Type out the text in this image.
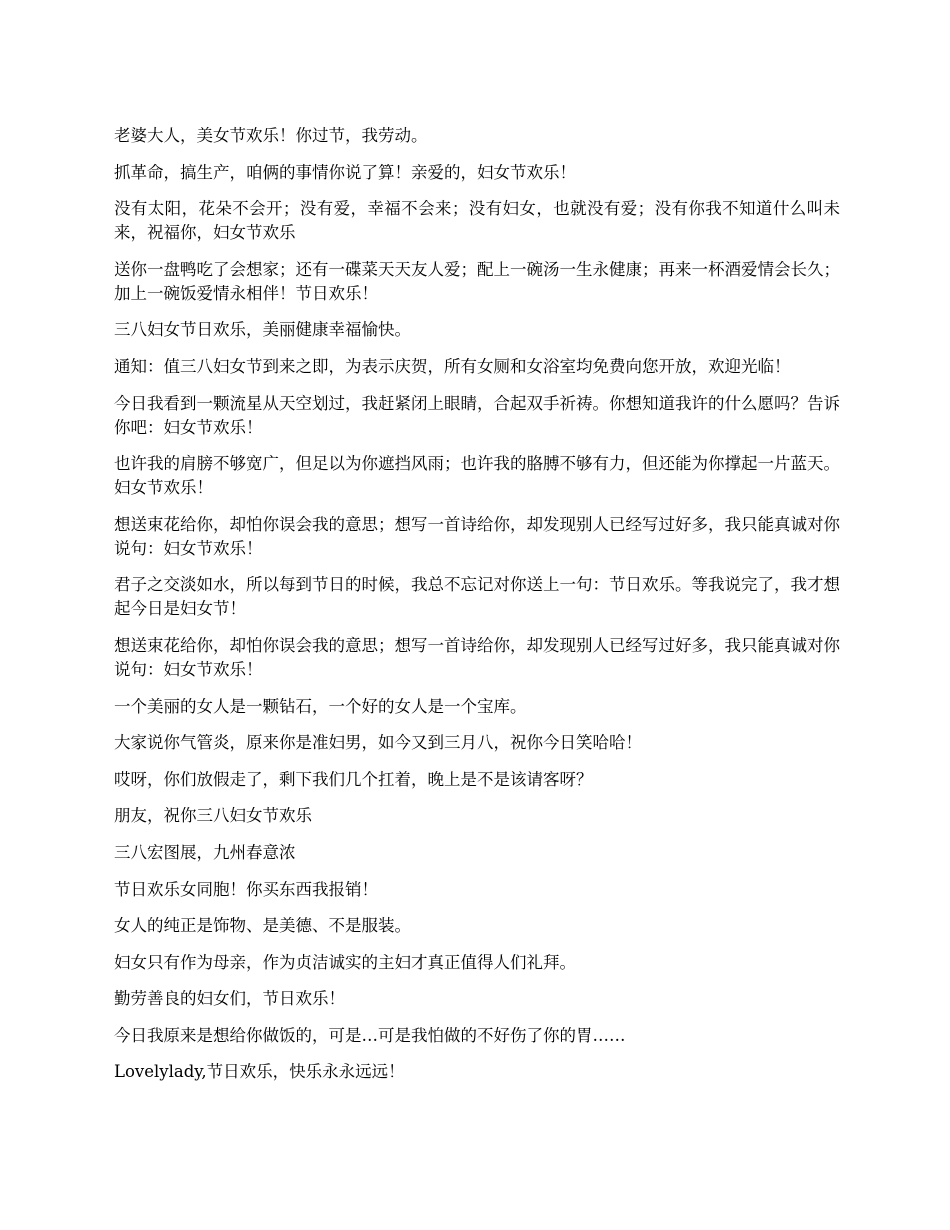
老婆大人，美女节欢乐！你过节，我劳动。

抓革命，搞生产，咱俩的事情你说了算！亲爱的，妇女节欢乐！

没有太阳，花朵不会开；没有爱，幸福不会来；没有妇女，也就没有爱；没有你我不知道什么叫未来，祝福你，妇女节欢乐

送你一盘鸭吃了会想家；还有一碟菜天天友人爱；配上一碗汤一生永健康；再来一杯酒爱情会长久；加上一碗饭爱情永相伴！节日欢乐！

三八妇女节日欢乐，美丽健康幸福愉快。

通知：值三八妇女节到来之即，为表示庆贺，所有女厕和女浴室均免费向您开放，欢迎光临！

今日我看到一颗流星从天空划过，我赶紧闭上眼睛，合起双手祈祷。你想知道我许的什么愿吗？告诉你吧：妇女节欢乐！

也许我的肩膀不够宽广，但足以为你遮挡风雨；也许我的胳膊不够有力，但还能为你撑起一片蓝天。妇女节欢乐！

想送束花给你，却怕你误会我的意思；想写一首诗给你，却发现别人已经写过好多，我只能真诚对你说句：妇女节欢乐！

君子之交淡如水，所以每到节日的时候，我总不忘记对你送上一句：节日欢乐。等我说完了，我才想起今日是妇女节！

想送束花给你，却怕你误会我的意思；想写一首诗给你，却发现别人已经写过好多，我只能真诚对你说句：妇女节欢乐！

一个美丽的女人是一颗钻石，一个好的女人是一个宝库。

大家说你气管炎，原来你是准妇男，如今又到三月八，祝你今日笑哈哈！

哎呀，你们放假走了，剩下我们几个扛着，晚上是不是该请客呀？

朋友，祝你三八妇女节欢乐

三八宏图展，九州春意浓

节日欢乐女同胞！你买东西我报销！

女人的纯正是饰物、是美德、不是服装。

妇女只有作为母亲，作为贞洁诚实的主妇才真正值得人们礼拜。

勤劳善良的妇女们，节日欢乐！

今日我原来是想给你做饭的，可是…可是我怕做的不好伤了你的胃……

Lovelylady,节日欢乐，快乐永永远远！
